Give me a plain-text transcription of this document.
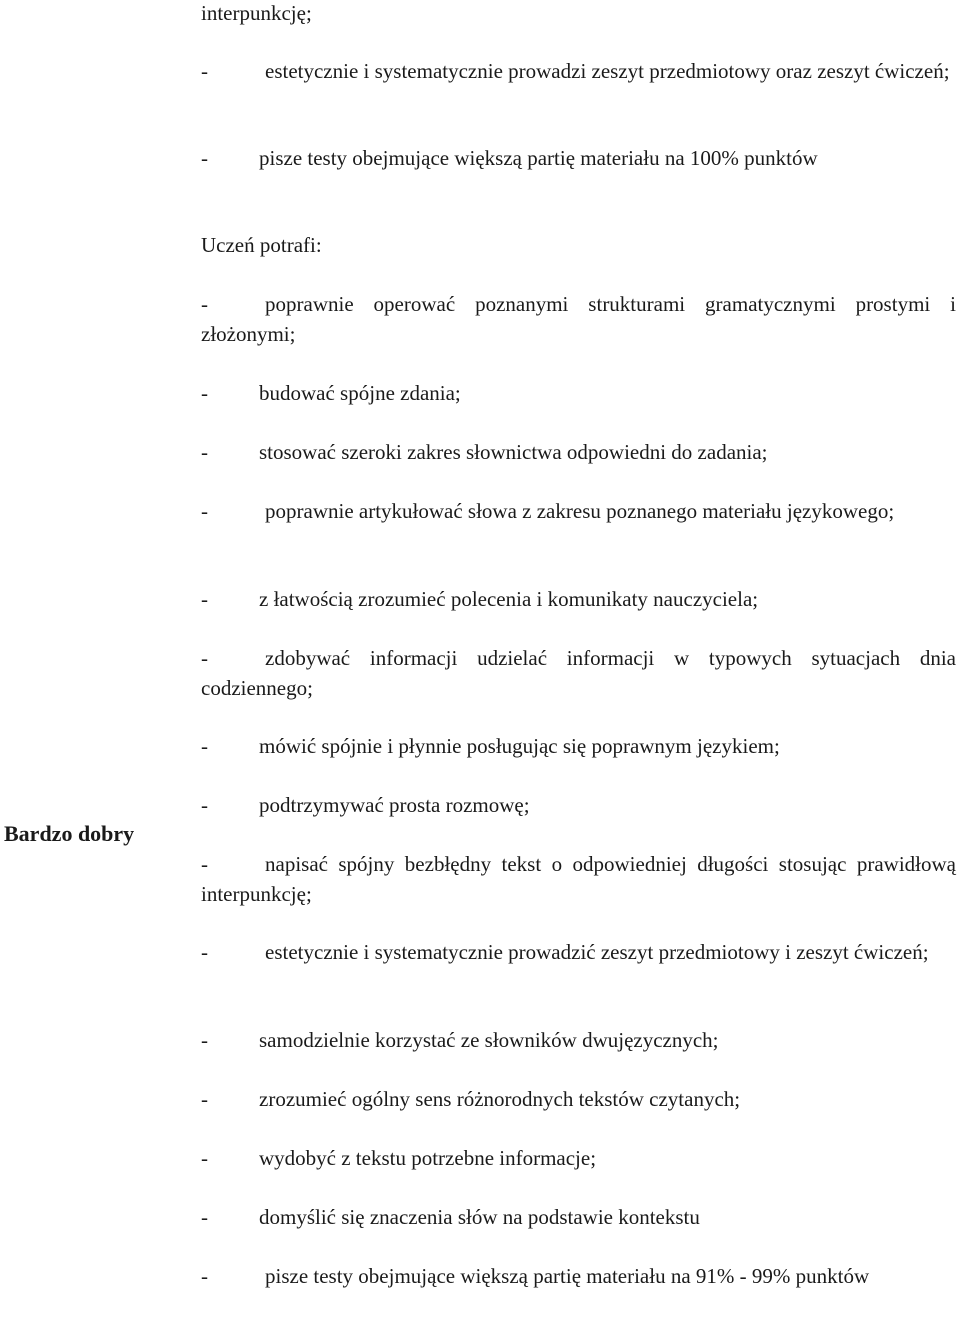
Bardzo dobry

interpunkcję;

-	estetycznie i systematycznie prowadzi zeszyt przedmiotowy oraz zeszyt ćwiczeń;

- pisze testy obejmujące większą partię materiału na 100% punktów

Uczeń potrafi:

-	poprawnie operować poznanymi strukturami gramatycznymi prostymi i złożonymi;

- budować spójne zdania;

- stosować szeroki zakres słownictwa odpowiedni do zadania;

-	poprawnie artykułować słowa z zakresu poznanego materiału językowego;

- z łatwością zrozumieć polecenia i komunikaty nauczyciela;

-	zdobywać informacji udzielać informacji w typowych sytuacjach dnia codziennego;

- mówić spójnie i płynnie posługując się poprawnym językiem;

- podtrzymywać prosta rozmowę;

-	napisać spójny bezbłędny tekst o odpowiedniej długości stosując prawidłową interpunkcję;

-	estetycznie i systematycznie prowadzić zeszyt przedmiotowy i zeszyt ćwiczeń;

- samodzielnie korzystać ze słowników dwujęzycznych;

- zrozumieć ogólny sens różnorodnych tekstów czytanych;

- wydobyć z tekstu potrzebne informacje;

- domyślić się znaczenia słów na podstawie kontekstu

-	pisze testy obejmujące większą partię materiału na 91% - 99% punktów
